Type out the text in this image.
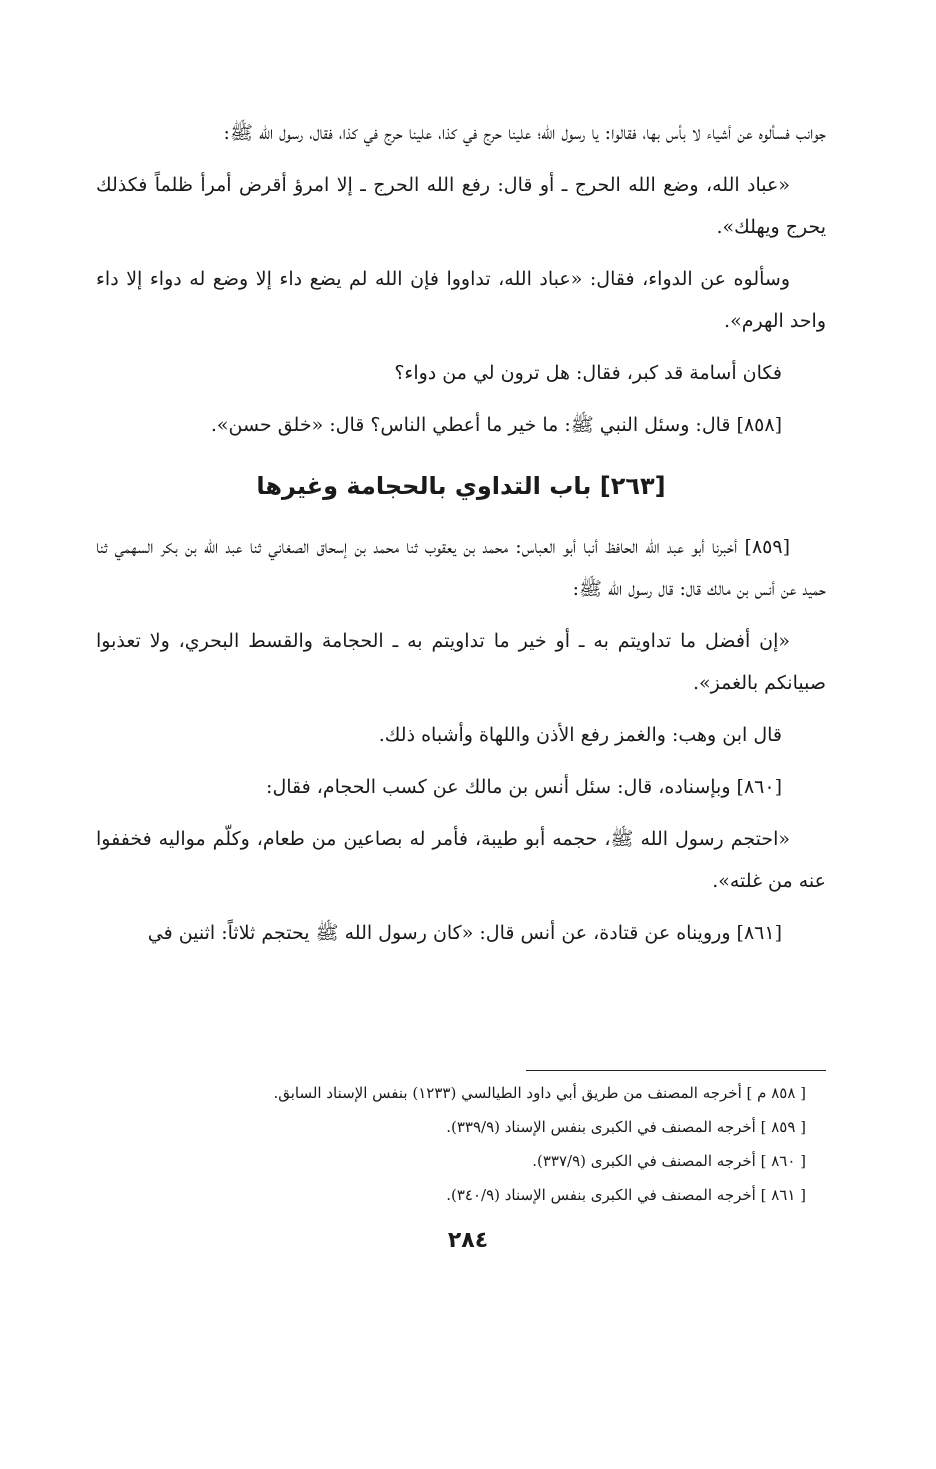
جوانب فسألوه عن أشياء لا بأس بها، فقالوا: يا رسول الله؛ علينا حرج في كذا، علينا حرج في كذا، فقال، رسول الله ﷺ:

«عباد الله، وضع الله الحرج ـ أو قال: رفع الله الحرج ـ إلا امرؤ أقرض أمرأ ظلماً فكذلك يحرج ويهلك».

وسألوه عن الدواء، فقال: «عباد الله، تداووا فإن الله لم يضع داء إلا وضع له دواء إلا داء واحد الهرم».

فكان أسامة قد كبر، فقال: هل ترون لي من دواء؟

[٨٥٨] قال: وسئل النبي ﷺ: ما خير ما أعطي الناس؟ قال: «خلق حسن».

[٢٦٣] باب التداوي بالحجامة وغيرها

[٨٥٩] أخبرنا أبو عبد الله الحافظ أنبا أبو العباس: محمد بن يعقوب ثنا محمد بن إسحاق الصغاني ثنا عبد الله بن بكر السهمي ثنا حميد عن أنس بن مالك قال: قال رسول الله ﷺ:

«إن أفضل ما تداويتم به ـ أو خير ما تداويتم به ـ الحجامة والقسط البحري، ولا تعذبوا صبيانكم بالغمز».

قال ابن وهب: والغمز رفع الأذن واللهاة وأشباه ذلك.

[٨٦٠] وبإسناده، قال: سئل أنس بن مالك عن كسب الحجام، فقال:

«احتجم رسول الله ﷺ، حجمه أبو طيبة، فأمر له بصاعين من طعام، وكلّم مواليه فخففوا عنه من غلته».

[٨٦١] ورويناه عن قتادة، عن أنس قال: «كان رسول الله ﷺ يحتجم ثلاثاً: اثنين في

[ ٨٥٨ م ] أخرجه المصنف من طريق أبي داود الطيالسي (١٢٣٣) بنفس الإسناد السابق.

[ ٨٥٩ ] أخرجه المصنف في الكبرى بنفس الإسناد (٣٣٩/٩).

[ ٨٦٠ ] أخرجه المصنف في الكبرى (٣٣٧/٩).

[ ٨٦١ ] أخرجه المصنف في الكبرى بنفس الإسناد (٣٤٠/٩).

٢٨٤
